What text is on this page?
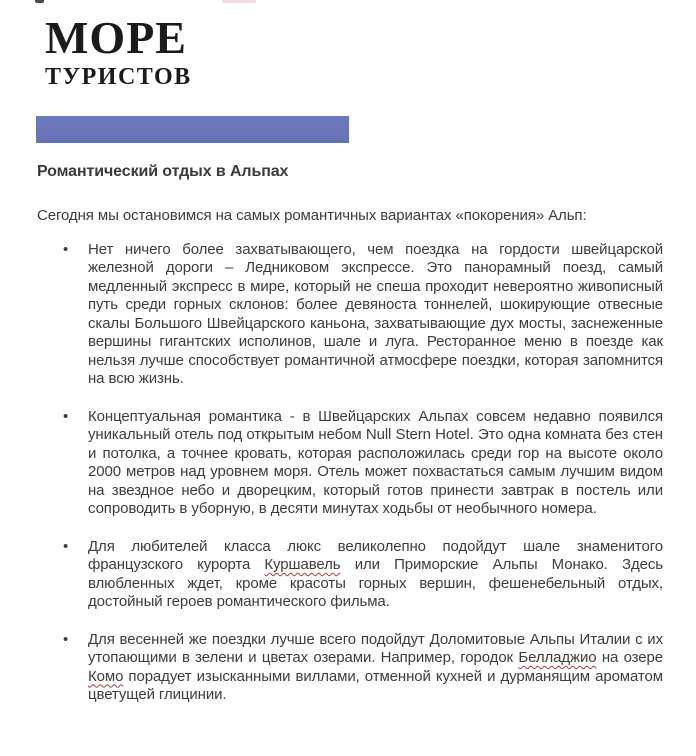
МОРЕ
ТУРИСТОВ
Романтический отдых в Альпах

Сегодня мы остановимся на самых романтичных вариантах «покорения» Альп:

• Нет ничего более захватывающего, чем поездка на гордости швейцарской железной дороги – Ледниковом экспрессе. Это панорамный поезд, самый медленный экспресс в мире, который не спеша проходит невероятно живописный путь среди горных склонов: более девяноста тоннелей, шокирующие отвесные скалы Большого Швейцарского каньона, захватывающие дух мосты, заснеженные вершины гигантских исполинов, шале и луга. Ресторанное меню в поезде как нельзя лучше способствует романтичной атмосфере поездки, которая запомнится на всю жизнь.
• Концептуальная романтика - в Швейцарских Альпах совсем недавно появился уникальный отель под открытым небом Null Stern Hotel. Это одна комната без стен и потолка, а точнее кровать, которая расположилась среди гор на высоте около 2000 метров над уровнем моря. Отель может похвастаться самым лучшим видом на звездное небо и дворецким, который готов принести завтрак в постель или сопроводить в уборную, в десяти минутах ходьбы от необычного номера.
• Для любителей класса люкс великолепно подойдут шале знаменитого французского курорта Куршавель или Приморские Альпы Монако. Здесь влюбленных ждет, кроме красоты горных вершин, фешенебельный отдых, достойный героев романтического фильма.
• Для весенней же поездки лучше всего подойдут Доломитовые Альпы Италии с их утопающими в зелени и цветах озерами. Например, городок Белладжио на озере Комо порадует изысканными виллами, отменной кухней и дурманящим ароматом цветущей глицинии.
